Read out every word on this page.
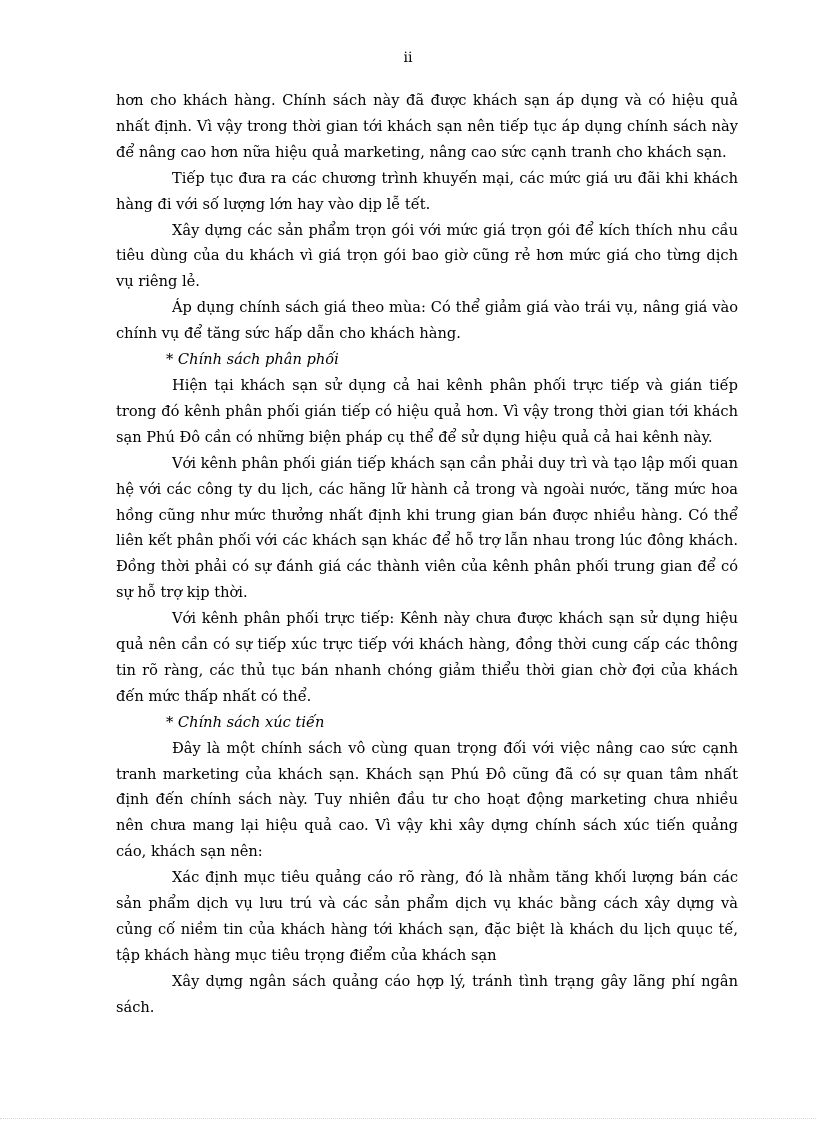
ii

hơn cho khách hàng. Chính sách này đã được khách sạn áp dụng và có hiệu quả nhất định. Vì vậy trong thời gian tới khách sạn nên tiếp tục áp dụng chính sách này để nâng cao hơn nữa hiệu quả marketing, nâng cao sức cạnh tranh cho khách sạn.

Tiếp tục đưa ra các chương trình khuyến mại, các mức giá ưu đãi khi khách hàng đi với số lượng lớn hay vào dịp lễ tết.

Xây dựng các sản phẩm trọn gói với mức giá trọn gói để kích thích nhu cầu tiêu dùng của du khách vì giá trọn gói bao giờ cũng rẻ hơn mức giá cho từng dịch vụ riêng lẻ.

Áp dụng chính sách giá theo mùa: Có thể giảm giá vào trái vụ, nâng giá vào chính vụ để tăng sức hấp dẫn cho khách hàng.

* Chính sách phân phối

Hiện tại khách sạn sử dụng cả hai kênh phân phối trực tiếp và gián tiếp trong đó kênh phân phối gián tiếp có hiệu quả hơn. Vì vậy trong thời gian tới khách sạn Phú Đô cần có những biện pháp cụ thể để sử dụng hiệu quả cả hai kênh này.

Với kênh phân phối gián tiếp khách sạn cần phải duy trì và tạo lập mối quan hệ với các công ty du lịch, các hãng lữ hành cả trong và ngoài nước, tăng mức hoa hồng cũng như mức thưởng nhất định khi trung gian bán được nhiều hàng. Có thể liên kết phân phối với các khách sạn khác để hỗ trợ lẫn nhau trong lúc đông khách. Đồng thời phải có sự đánh giá các thành viên của kênh phân phối trung gian để có sự hỗ trợ kịp thời.

Với kênh phân phối trực tiếp: Kênh này chưa được khách sạn sử dụng hiệu quả nên cần có sự tiếp xúc trực tiếp với khách hàng, đồng thời cung cấp các thông tin rõ ràng, các thủ tục bán nhanh chóng giảm thiểu thời gian chờ đợi của khách đến mức thấp nhất có thể.

* Chính sách xúc tiến

Đây là một chính sách vô cùng quan trọng đối với việc nâng cao sức cạnh tranh marketing của khách sạn. Khách sạn Phú Đô cũng đã có sự quan tâm nhất định đến chính sách này. Tuy nhiên đầu tư cho hoạt động marketing chưa nhiều nên chưa mang lại hiệu quả cao. Vì vậy khi xây dựng chính sách xúc tiến quảng cáo, khách sạn nên:

Xác định mục tiêu quảng cáo rõ ràng, đó là nhằm tăng khối lượng bán các sản phẩm dịch vụ lưu trú và các sản phẩm dịch vụ khác bằng cách xây dựng và củng cố niềm tin của khách hàng tới khách sạn, đặc biệt là khách du lịch quục tế, tập khách hàng mục tiêu trọng điểm của khách sạn

Xây dựng ngân sách quảng cáo hợp lý, tránh tình trạng gây lãng phí ngân sách.
